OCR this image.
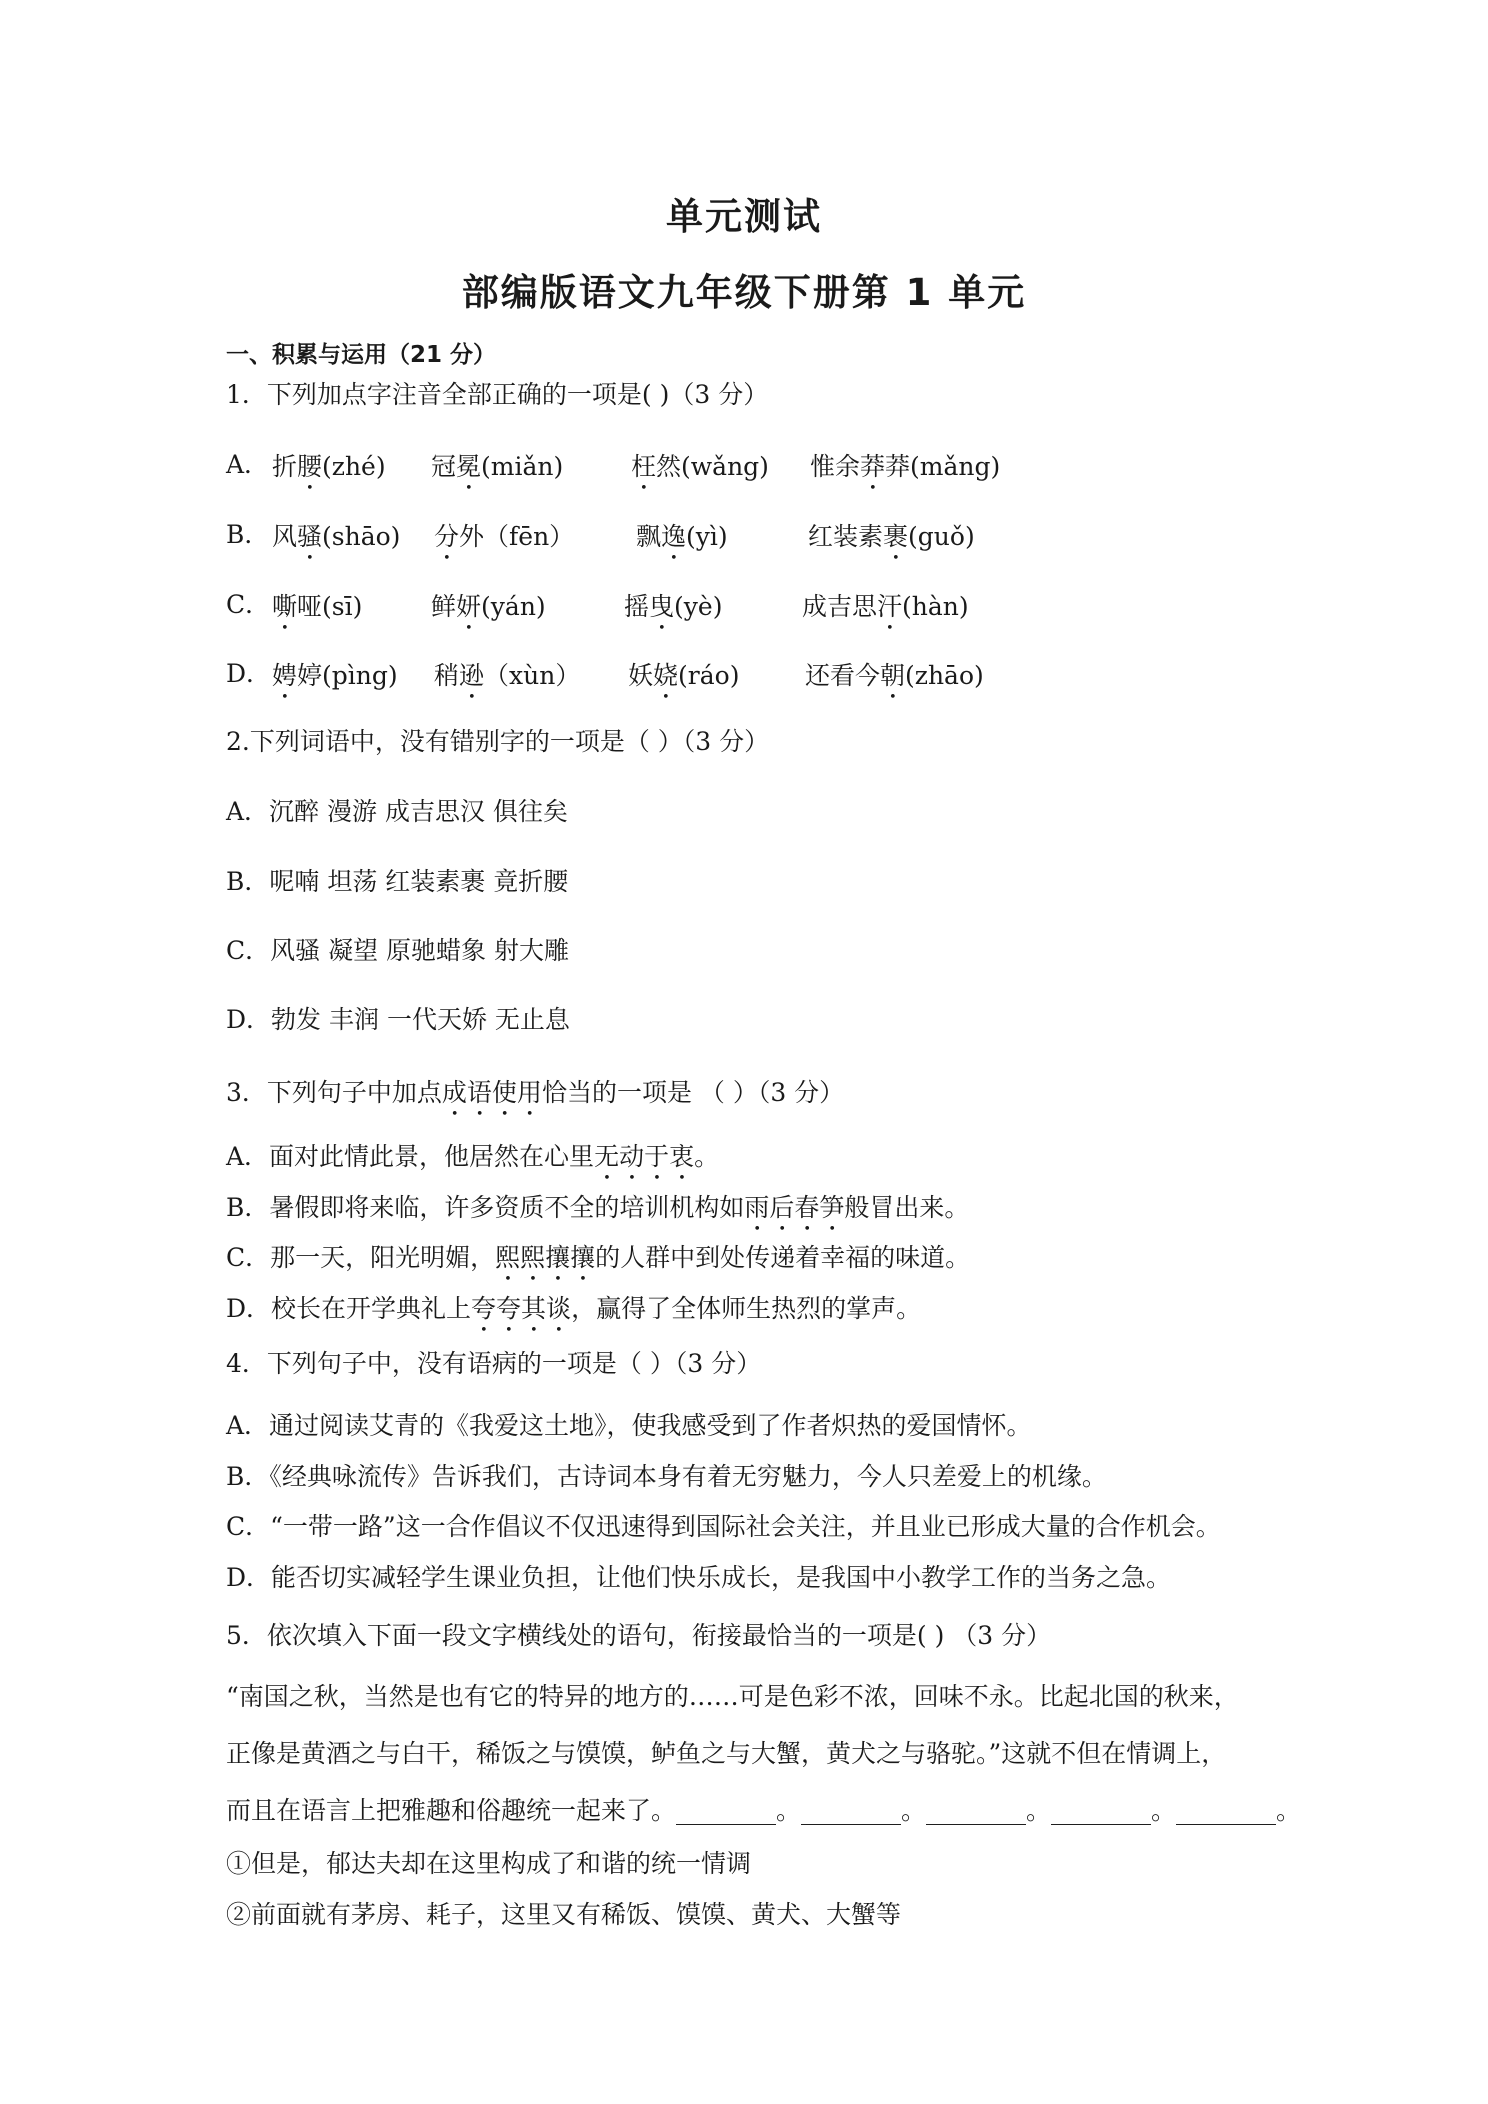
单元测试
部编版语文九年级下册第 1 单元
一、积累与运用（21 分）
1．下列加点字注音全部正确的一项是( )（3 分）
A． 折腰(zhé) 冠冕(miǎn)	枉然(wǎng) 惟余莽莽(mǎng)
B． 风骚(shāo) 分外（fēn） 飘逸(yì)	红装素裹(guǒ)
C． 嘶哑(sī)	鲜妍(yán)	摇曳(yè)	成吉思汗(hàn)
D． 娉婷(pìng) 稍逊（xùn） 妖娆(ráo)	还看今朝(zhāo)
2.下列词语中，没有错别字的一项是（ ）（3 分）
A．沉醉 漫游 成吉思汉 俱往矣
B．呢喃 坦荡 红装素裹 竟折腰
C．风骚 凝望 原驰蜡象 射大雕
D．勃发 丰润 一代天娇 无止息
3．下列句子中加点成语使用恰当的一项是 （ ）（3 分）
A．面对此情此景，他居然在心里无动于衷。
B．暑假即将来临，许多资质不全的培训机构如雨后春笋般冒出来。
C．那一天，阳光明媚，熙熙攘攘的人群中到处传递着幸福的味道。
D．校长在开学典礼上夸夸其谈，赢得了全体师生热烈的掌声。
4．下列句子中，没有语病的一项是（ ）（3 分）
A．通过阅读艾青的《我爱这土地》，使我感受到了作者炽热的爱国情怀。
B．《经典咏流传》告诉我们，古诗词本身有着无穷魅力，今人只差爱上的机缘。
C．“一带一路”这一合作倡议不仅迅速得到国际社会关注，并且业已形成大量的合作机会。
D．能否切实减轻学生课业负担，让他们快乐成长，是我国中小教学工作的当务之急。
5．依次填入下面一段文字横线处的语句，衔接最恰当的一项是( ) （3 分）
“南国之秋，当然是也有它的特异的地方的……可是色彩不浓，回味不永。比起北国的秋来，
正像是黄酒之与白干，稀饭之与馍馍，鲈鱼之与大蟹，黄犬之与骆驼。”这就不但在情调上，
而且在语言上把雅趣和俗趣统一起来了。________。________。________。________。________。
①但是，郁达夫却在这里构成了和谐的统一情调
②前面就有茅房、耗子，这里又有稀饭、馍馍、黄犬、大蟹等
